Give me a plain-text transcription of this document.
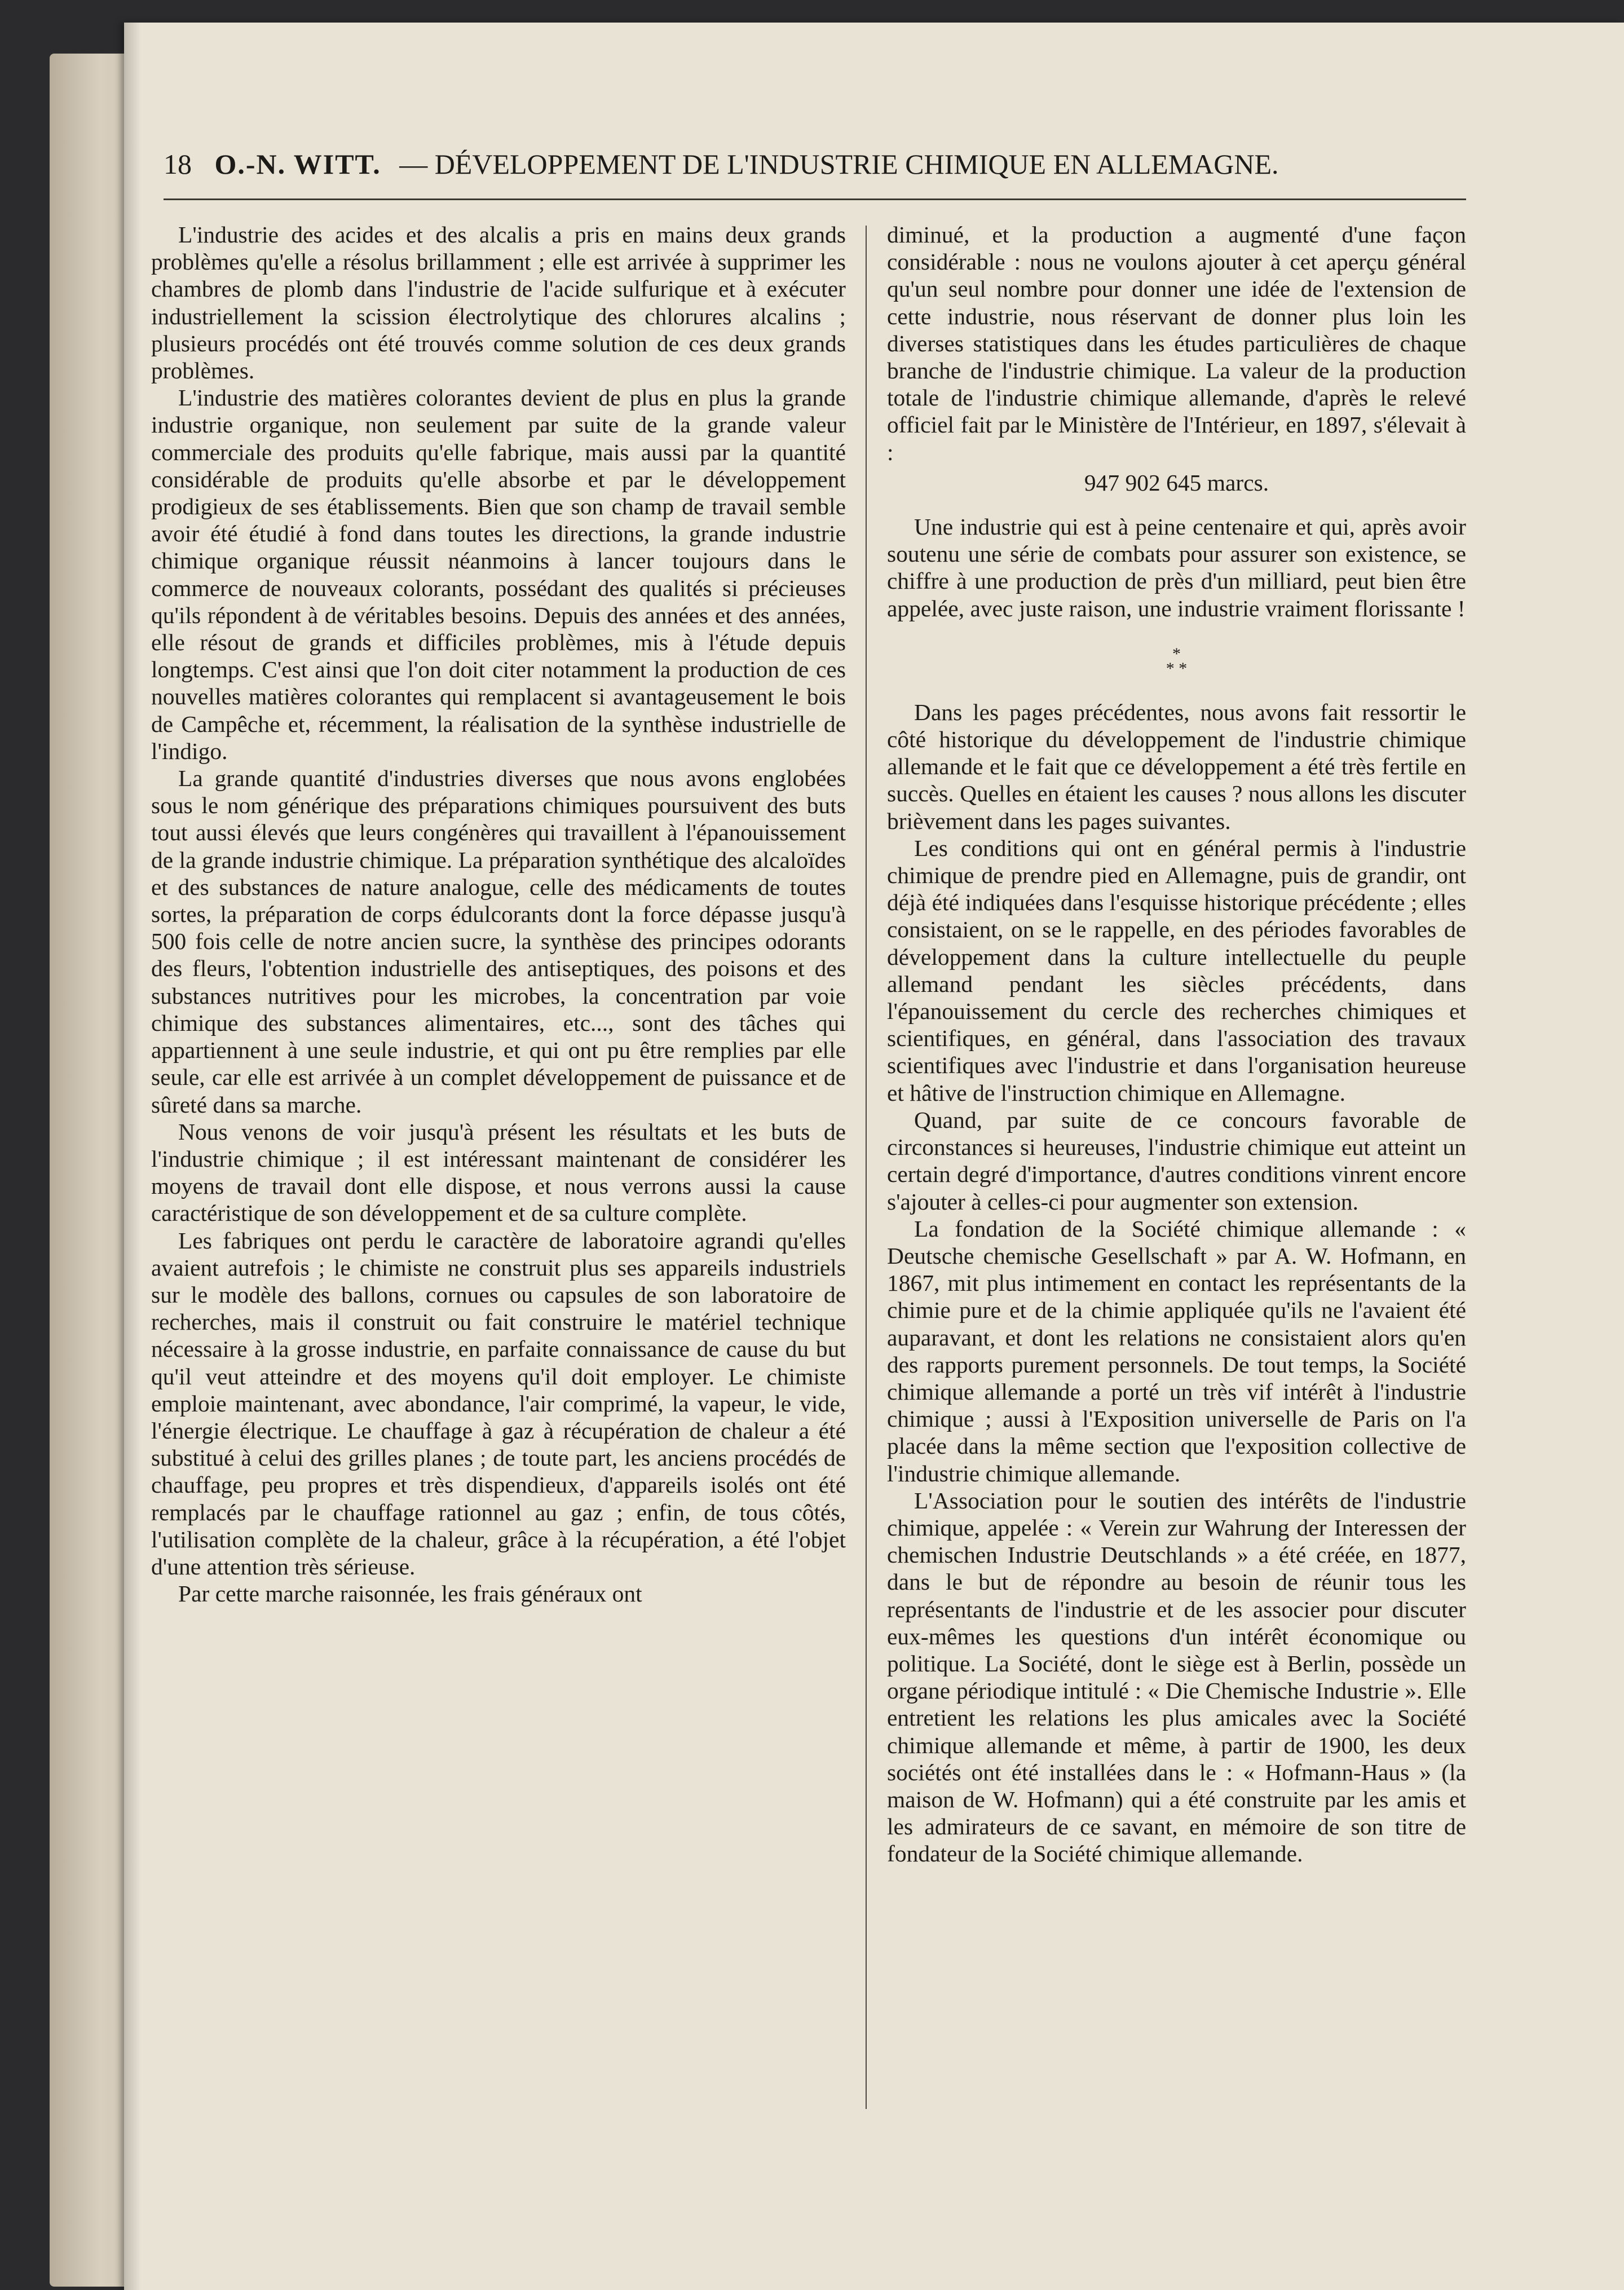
18 O.-N. WITT. — DÉVELOPPEMENT DE L'INDUSTRIE CHIMIQUE EN ALLEMAGNE.

L'industrie des acides et des alcalis a pris en mains deux grands problèmes qu'elle a résolus brillamment ; elle est arrivée à supprimer les chambres de plomb dans l'industrie de l'acide sulfurique et à exécuter industriellement la scission électrolytique des chlorures alcalins ; plusieurs procédés ont été trouvés comme solution de ces deux grands problèmes.

L'industrie des matières colorantes devient de plus en plus la grande industrie organique, non seulement par suite de la grande valeur commerciale des produits qu'elle fabrique, mais aussi par la quantité considérable de produits qu'elle absorbe et par le développement prodigieux de ses établissements. Bien que son champ de travail semble avoir été étudié à fond dans toutes les directions, la grande industrie chimique organique réussit néanmoins à lancer toujours dans le commerce de nouveaux colorants, possédant des qualités si précieuses qu'ils répondent à de véritables besoins. Depuis des années et des années, elle résout de grands et difficiles problèmes, mis à l'étude depuis longtemps. C'est ainsi que l'on doit citer notamment la production de ces nouvelles matières colorantes qui remplacent si avantageusement le bois de Campêche et, récemment, la réalisation de la synthèse industrielle de l'indigo.

La grande quantité d'industries diverses que nous avons englobées sous le nom générique des préparations chimiques poursuivent des buts tout aussi élevés que leurs congénères qui travaillent à l'épanouissement de la grande industrie chimique. La préparation synthétique des alcaloïdes et des substances de nature analogue, celle des médicaments de toutes sortes, la préparation de corps édulcorants dont la force dépasse jusqu'à 500 fois celle de notre ancien sucre, la synthèse des principes odorants des fleurs, l'obtention industrielle des antiseptiques, des poisons et des substances nutritives pour les microbes, la concentration par voie chimique des substances alimentaires, etc..., sont des tâches qui appartiennent à une seule industrie, et qui ont pu être remplies par elle seule, car elle est arrivée à un complet développement de puissance et de sûreté dans sa marche.

Nous venons de voir jusqu'à présent les résultats et les buts de l'industrie chimique ; il est intéressant maintenant de considérer les moyens de travail dont elle dispose, et nous verrons aussi la cause caractéristique de son développement et de sa culture complète.

Les fabriques ont perdu le caractère de laboratoire agrandi qu'elles avaient autrefois ; le chimiste ne construit plus ses appareils industriels sur le modèle des ballons, cornues ou capsules de son laboratoire de recherches, mais il construit ou fait construire le matériel technique nécessaire à la grosse industrie, en parfaite connaissance de cause du but qu'il veut atteindre et des moyens qu'il doit employer. Le chimiste emploie maintenant, avec abondance, l'air comprimé, la vapeur, le vide, l'énergie électrique. Le chauffage à gaz à récupération de chaleur a été substitué à celui des grilles planes ; de toute part, les anciens procédés de chauffage, peu propres et très dispendieux, d'appareils isolés ont été remplacés par le chauffage rationnel au gaz ; enfin, de tous côtés, l'utilisation complète de la chaleur, grâce à la récupération, a été l'objet d'une attention très sérieuse.

Par cette marche raisonnée, les frais généraux ont

diminué, et la production a augmenté d'une façon considérable : nous ne voulons ajouter à cet aperçu général qu'un seul nombre pour donner une idée de l'extension de cette industrie, nous réservant de donner plus loin les diverses statistiques dans les études particulières de chaque branche de l'industrie chimique. La valeur de la production totale de l'industrie chimique allemande, d'après le relevé officiel fait par le Ministère de l'Intérieur, en 1897, s'élevait à :

947 902 645 marcs.

Une industrie qui est à peine centenaire et qui, après avoir soutenu une série de combats pour assurer son existence, se chiffre à une production de près d'un milliard, peut bien être appelée, avec juste raison, une industrie vraiment florissante !

*
* *

Dans les pages précédentes, nous avons fait ressortir le côté historique du développement de l'industrie chimique allemande et le fait que ce développement a été très fertile en succès. Quelles en étaient les causes ? nous allons les discuter brièvement dans les pages suivantes.

Les conditions qui ont en général permis à l'industrie chimique de prendre pied en Allemagne, puis de grandir, ont déjà été indiquées dans l'esquisse historique précédente ; elles consistaient, on se le rappelle, en des périodes favorables de développement dans la culture intellectuelle du peuple allemand pendant les siècles précédents, dans l'épanouissement du cercle des recherches chimiques et scientifiques, en général, dans l'association des travaux scientifiques avec l'industrie et dans l'organisation heureuse et hâtive de l'instruction chimique en Allemagne.

Quand, par suite de ce concours favorable de circonstances si heureuses, l'industrie chimique eut atteint un certain degré d'importance, d'autres conditions vinrent encore s'ajouter à celles-ci pour augmenter son extension.

La fondation de la Société chimique allemande : « Deutsche chemische Gesellschaft » par A. W. Hofmann, en 1867, mit plus intimement en contact les représentants de la chimie pure et de la chimie appliquée qu'ils ne l'avaient été auparavant, et dont les relations ne consistaient alors qu'en des rapports purement personnels. De tout temps, la Société chimique allemande a porté un très vif intérêt à l'industrie chimique ; aussi à l'Exposition universelle de Paris on l'a placée dans la même section que l'exposition collective de l'industrie chimique allemande.

L'Association pour le soutien des intérêts de l'industrie chimique, appelée : « Verein zur Wahrung der Interessen der chemischen Industrie Deutschlands » a été créée, en 1877, dans le but de répondre au besoin de réunir tous les représentants de l'industrie et de les associer pour discuter eux-mêmes les questions d'un intérêt économique ou politique. La Société, dont le siège est à Berlin, possède un organe périodique intitulé : « Die Chemische Industrie ». Elle entretient les relations les plus amicales avec la Société chimique allemande et même, à partir de 1900, les deux sociétés ont été installées dans le : « Hofmann-Haus » (la maison de W. Hofmann) qui a été construite par les amis et les admirateurs de ce savant, en mémoire de son titre de fondateur de la Société chimique allemande.
